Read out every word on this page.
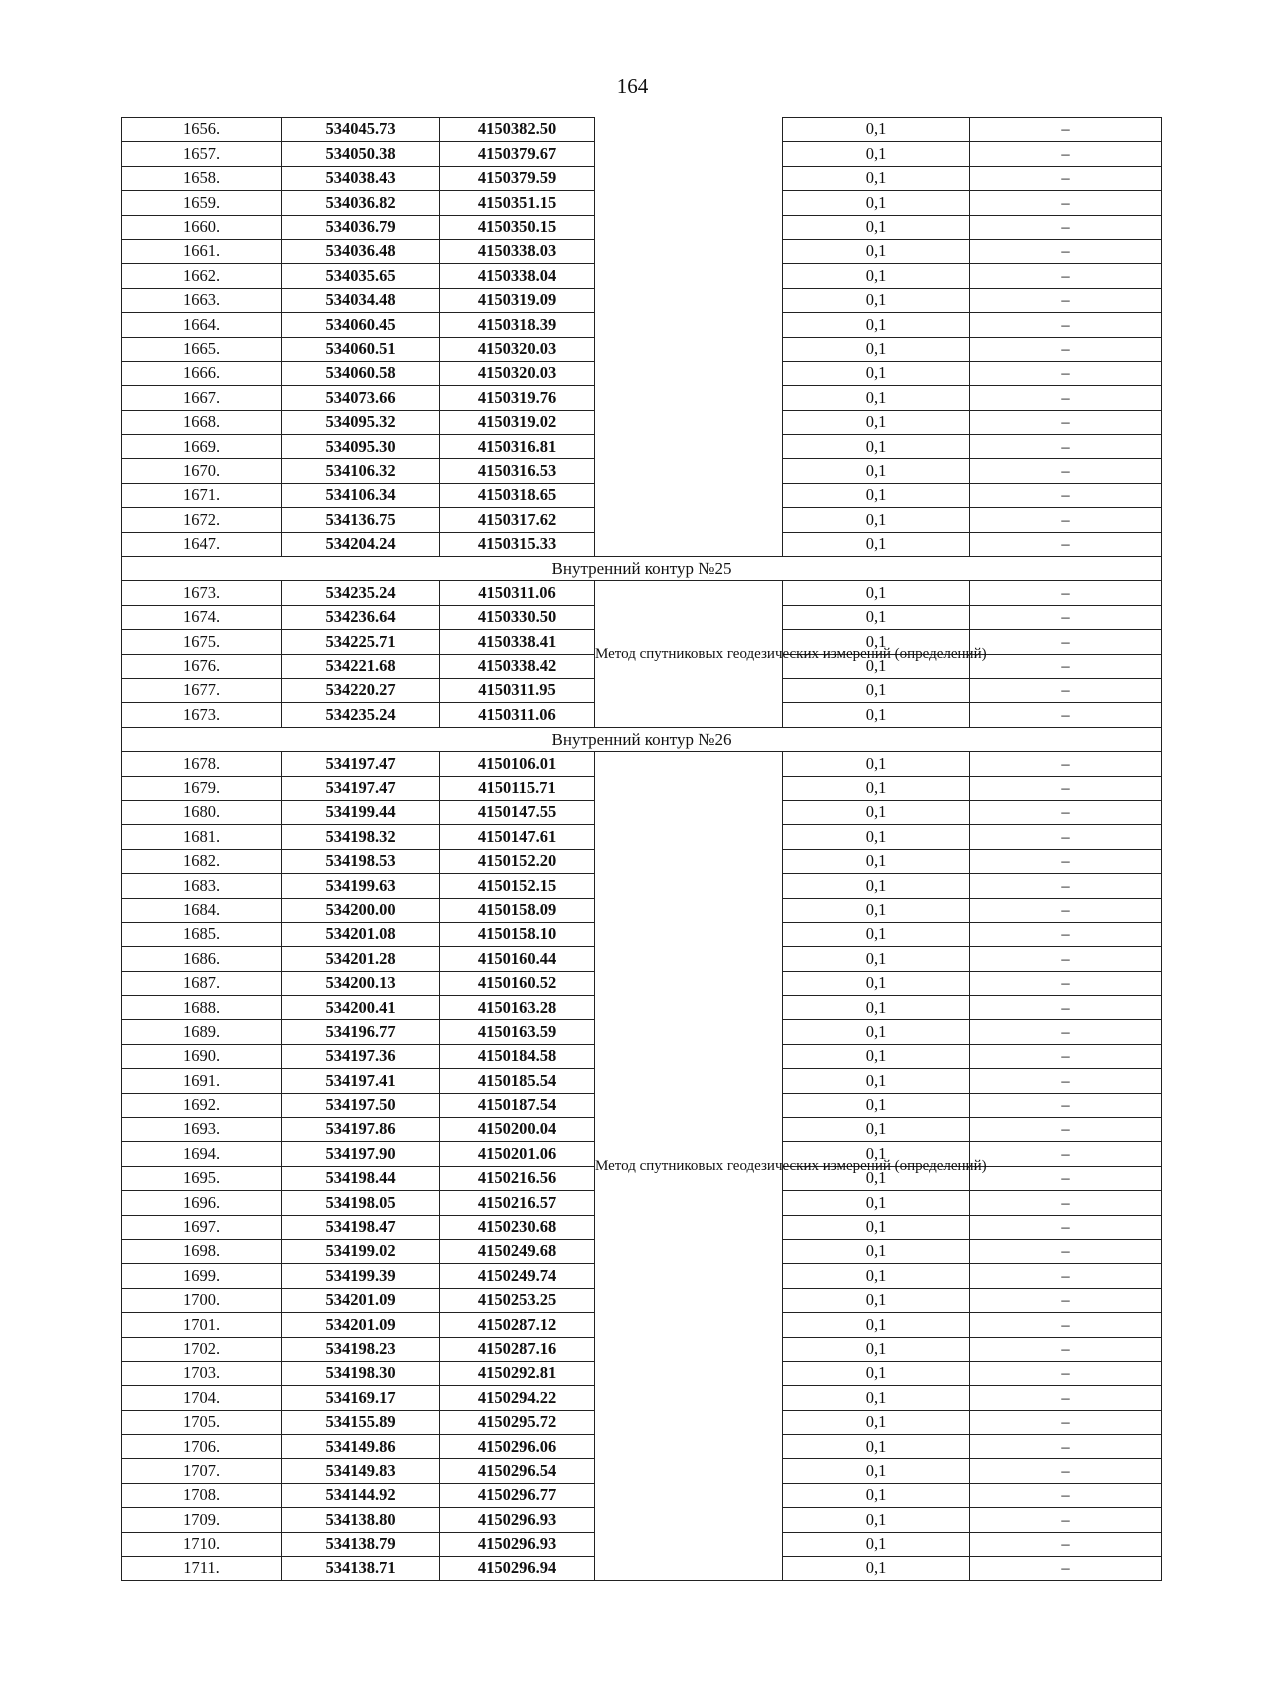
164
1656.	534045.73	4150382.50		0,1	–
1657.	534050.38	4150379.67		0,1	–
1658.	534038.43	4150379.59		0,1	–
1659.	534036.82	4150351.15		0,1	–
1660.	534036.79	4150350.15		0,1	–
1661.	534036.48	4150338.03		0,1	–
1662.	534035.65	4150338.04		0,1	–
1663.	534034.48	4150319.09		0,1	–
1664.	534060.45	4150318.39		0,1	–
1665.	534060.51	4150320.03		0,1	–
1666.	534060.58	4150320.03		0,1	–
1667.	534073.66	4150319.76		0,1	–
1668.	534095.32	4150319.02		0,1	–
1669.	534095.30	4150316.81		0,1	–
1670.	534106.32	4150316.53		0,1	–
1671.	534106.34	4150318.65		0,1	–
1672.	534136.75	4150317.62		0,1	–
1647.	534204.24	4150315.33		0,1	–
Внутренний контур №25					
1673.	534235.24	4150311.06	Метод спутниковых геодезических измерений (определений)	0,1	–
1674.	534236.64	4150330.50		0,1	–
1675.	534225.71	4150338.41		0,1	–
1676.	534221.68	4150338.42		0,1	–
1677.	534220.27	4150311.95		0,1	–
1673.	534235.24	4150311.06		0,1	–
Внутренний контур №26					
1678.	534197.47	4150106.01	Метод спутниковых геодезических измерений (определений)	0,1	–
1679.	534197.47	4150115.71		0,1	–
1680.	534199.44	4150147.55		0,1	–
1681.	534198.32	4150147.61		0,1	–
1682.	534198.53	4150152.20		0,1	–
1683.	534199.63	4150152.15		0,1	–
1684.	534200.00	4150158.09		0,1	–
1685.	534201.08	4150158.10		0,1	–
1686.	534201.28	4150160.44		0,1	–
1687.	534200.13	4150160.52		0,1	–
1688.	534200.41	4150163.28		0,1	–
1689.	534196.77	4150163.59		0,1	–
1690.	534197.36	4150184.58		0,1	–
1691.	534197.41	4150185.54		0,1	–
1692.	534197.50	4150187.54		0,1	–
1693.	534197.86	4150200.04		0,1	–
1694.	534197.90	4150201.06		0,1	–
1695.	534198.44	4150216.56		0,1	–
1696.	534198.05	4150216.57		0,1	–
1697.	534198.47	4150230.68		0,1	–
1698.	534199.02	4150249.68		0,1	–
1699.	534199.39	4150249.74		0,1	–
1700.	534201.09	4150253.25		0,1	–
1701.	534201.09	4150287.12		0,1	–
1702.	534198.23	4150287.16		0,1	–
1703.	534198.30	4150292.81		0,1	–
1704.	534169.17	4150294.22		0,1	–
1705.	534155.89	4150295.72		0,1	–
1706.	534149.86	4150296.06		0,1	–
1707.	534149.83	4150296.54		0,1	–
1708.	534144.92	4150296.77		0,1	–
1709.	534138.80	4150296.93		0,1	–
1710.	534138.79	4150296.93		0,1	–
1711.	534138.71	4150296.94		0,1	–
